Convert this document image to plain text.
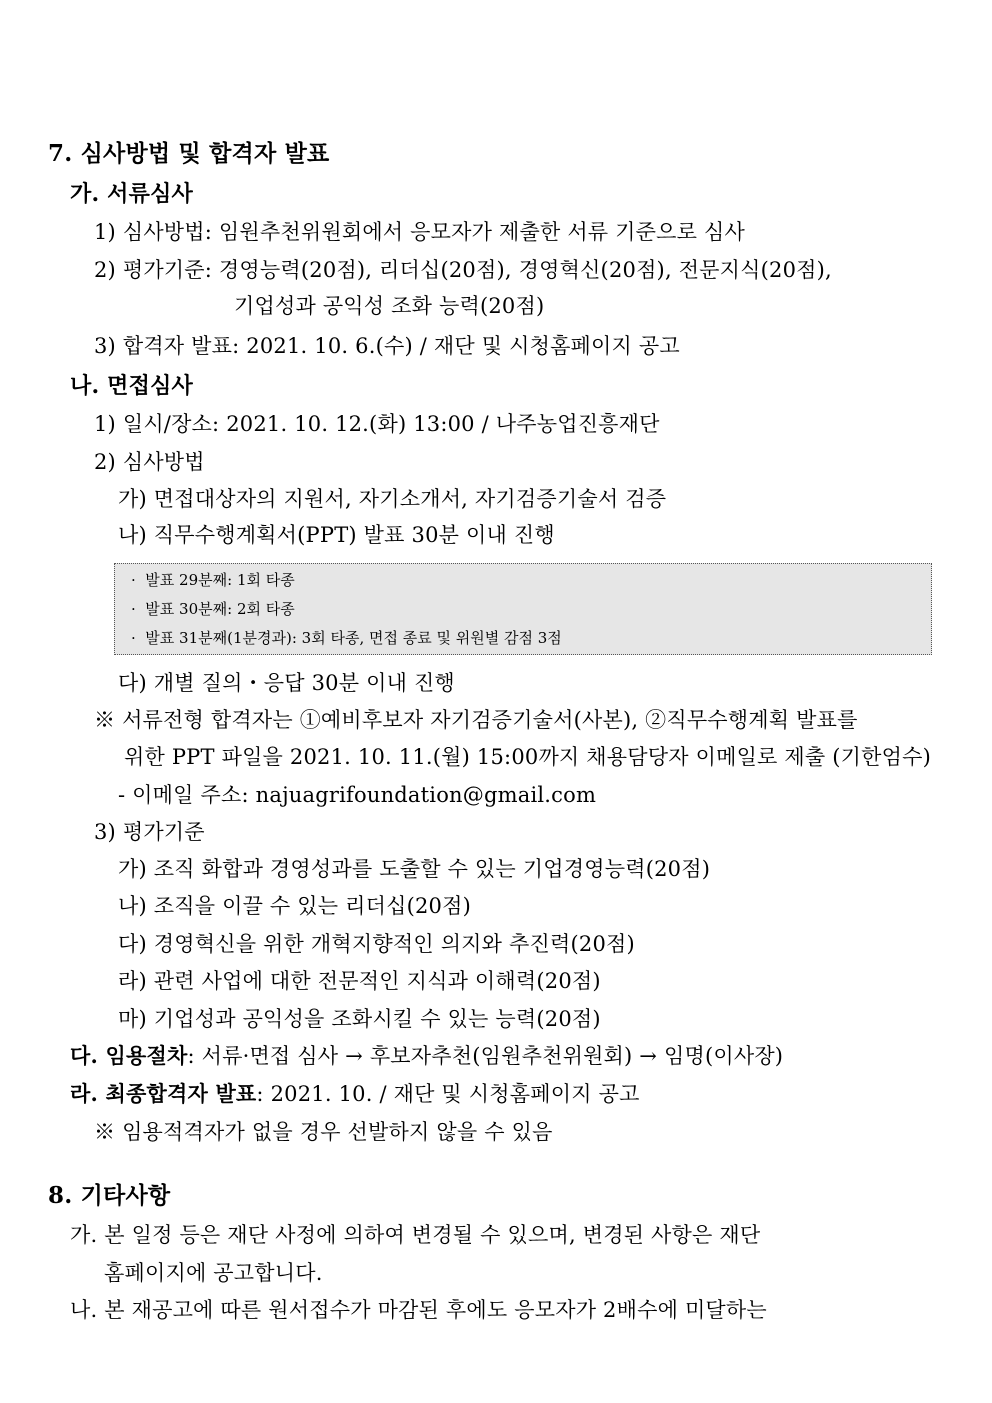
7. 심사방법 및 합격자 발표
가. 서류심사
1) 심사방법: 임원추천위원회에서 응모자가 제출한 서류 기준으로 심사
2) 평가기준: 경영능력(20점), 리더십(20점), 경영혁신(20점), 전문지식(20점),
기업성과 공익성 조화 능력(20점)
3) 합격자 발표: 2021. 10. 6.(수) / 재단 및 시청홈페이지 공고
나. 면접심사
1) 일시/장소: 2021. 10. 12.(화) 13:00 / 나주농업진흥재단
2) 심사방법
가) 면접대상자의 지원서, 자기소개서, 자기검증기술서 검증
나) 직무수행계획서(PPT) 발표 30분 이내 진행
·  발표 29분째: 1회 타종
·  발표 30분째: 2회 타종
·  발표 31분째(1분경과): 3회 타종, 면접 종료 및 위원별 감점 3점
다) 개별 질의・응답 30분 이내 진행
※ 서류전형 합격자는 ①예비후보자 자기검증기술서(사본), ②직무수행계획 발표를
위한 PPT 파일을 2021. 10. 11.(월) 15:00까지 채용담당자 이메일로 제출 (기한엄수)
- 이메일 주소: najuagrifoundation@gmail.com
3) 평가기준
가) 조직 화합과 경영성과를 도출할 수 있는 기업경영능력(20점)
나) 조직을 이끌 수 있는 리더십(20점)
다) 경영혁신을 위한 개혁지향적인 의지와 추진력(20점)
라) 관련 사업에 대한 전문적인 지식과 이해력(20점)
마) 기업성과 공익성을 조화시킬 수 있는 능력(20점)
다. 임용절차: 서류·면접 심사 → 후보자추천(임원추천위원회) → 임명(이사장)
라. 최종합격자 발표: 2021. 10. / 재단 및 시청홈페이지 공고
※ 임용적격자가 없을 경우 선발하지 않을 수 있음
8. 기타사항
가. 본 일정 등은 재단 사정에 의하여 변경될 수 있으며, 변경된 사항은 재단
홈페이지에 공고합니다.
나. 본 재공고에 따른 원서접수가 마감된 후에도 응모자가 2배수에 미달하는
